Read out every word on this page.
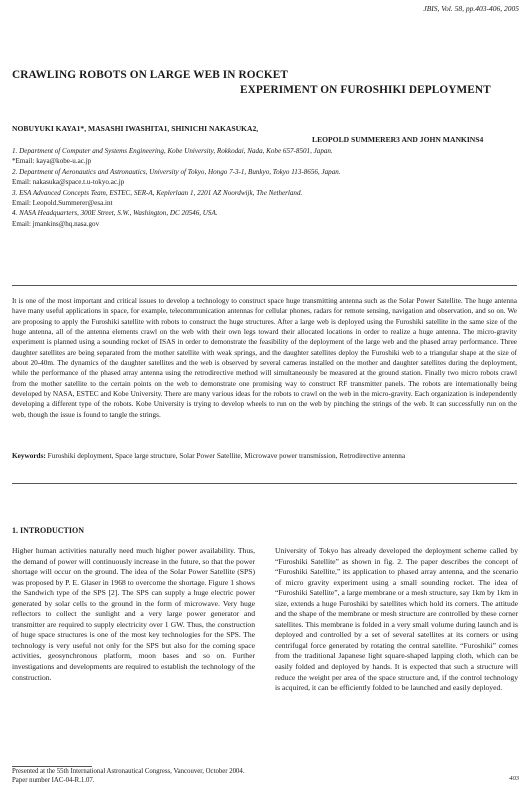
JBIS, Vol. 58, pp.403-406, 2005
CRAWLING ROBOTS ON LARGE WEB IN ROCKET
EXPERIMENT ON FUROSHIKI DEPLOYMENT
NOBUYUKI KAYA1*, MASASHI IWASHITA1, SHINICHI NAKASUKA2,
LEOPOLD SUMMERER3 AND JOHN MANKINS4
1. Department of Computer and Systems Engineering, Kobe University, Rokkodai, Nada, Kobe 657-8501, Japan.
*Email: kaya@kobe-u.ac.jp
2. Department of Aeronautics and Astronautics, University of Tokyo, Hongo 7-3-1, Bunkyo, Tokyo 113-8656, Japan.
Email: nakasuka@space.t.u-tokyo.ac.jp
3. ESA Advanced Concepts Team, ESTEC, SER-A, Keplerlaan 1, 2201 AZ Noordwijk, The Netherland.
Email: Leopold.Summerer@esa.int
4. NASA Headquarters, 300E Street, S.W., Washington, DC 20546, USA.
Email: jmankins@hq.nasa.gov
It is one of the most important and critical issues to develop a technology to construct space huge transmitting antenna such as the Solar Power Satellite. The huge antenna have many useful applications in space, for example, telecommunication antennas for cellular phones, radars for remote sensing, navigation and observation, and so on. We are proposing to apply the Furoshiki satellite with robots to construct the huge structures. After a large web is deployed using the Furoshiki satellite in the same size of the huge antenna, all of the antenna elements crawl on the web with their own legs toward their allocated locations in order to realize a huge antenna. The micro-gravity experiment is planned using a sounding rocket of ISAS in order to demonstrate the feasibility of the deployment of the large web and the phased array performance. Three daughter satellites are being separated from the mother satellite with weak springs, and the daughter satellites deploy the Furoshiki web to a triangular shape at the size of about 20-40m. The dynamics of the daughter satellites and the web is observed by several cameras installed on the mother and daughter satellites during the deployment, while the performance of the phased array antenna using the retrodirective method will simultaneously be measured at the ground station. Finally two micro robots crawl from the mother satellite to the certain points on the web to demonstrate one promising way to construct RF transmitter panels. The robots are internationally being developed by NASA, ESTEC and Kobe University. There are many various ideas for the robots to crawl on the web in the micro-gravity. Each organization is independently developing a different type of the robots. Kobe University is trying to develop wheels to run on the web by pinching the strings of the web. It can successfully run on the web, though the issue is found to tangle the strings.
Keywords: Furoshiki deployment, Space large structure, Solar Power Satellite, Microwave power transmission, Retrodirective antenna
1. INTRODUCTION
Higher human activities naturally need much higher power availability. Thus, the demand of power will continuously increase in the future, so that the power shortage will occur on the ground. The idea of the Solar Power Satellite (SPS) was proposed by P. E. Glaser in 1968 to overcome the shortage. Figure 1 shows the Sandwich type of the SPS [2]. The SPS can supply a huge electric power generated by solar cells to the ground in the form of microwave. Very huge reflectors to collect the sunlight and a very large power generator and transmitter are required to supply electricity over 1 GW. Thus, the construction of huge space structures is one of the most key technologies for the SPS. The technology is very useful not only for the SPS but also for the coming space activities, geosynchronous platform, moon bases and so on. Further investigations and developments are required to establish the technology of the construction.
University of Tokyo has already developed the deployment scheme called by “Furoshiki Satellite” as shown in fig. 2. The paper describes the concept of “Furoshiki Satellite,” its application to phased array antenna, and the scenario of micro gravity experiment using a small sounding rocket. The idea of “Furoshiki Satellite”, a large membrane or a mesh structure, say 1km by 1km in size, extends a huge Furoshiki by satellites which hold its corners. The attitude and the shape of the membrane or mesh structure are controlled by these corner satellites. This membrane is folded in a very small volume during launch and is deployed and controlled by a set of several satellites at its corners or using centrifugal force generated by rotating the central satellite. “Furoshiki” comes from the traditional Japanese light square-shaped lapping cloth, which can be easily folded and deployed by hands. It is expected that such a structure will reduce the weight per area of the space structure and, if the control technology is acquired, it can be efficiently folded to be launched and easily deployed.
Presented at the 55th International Astronautical Congress, Vancouver, October 2004. Paper number IAC-04-R.1.07.	403
